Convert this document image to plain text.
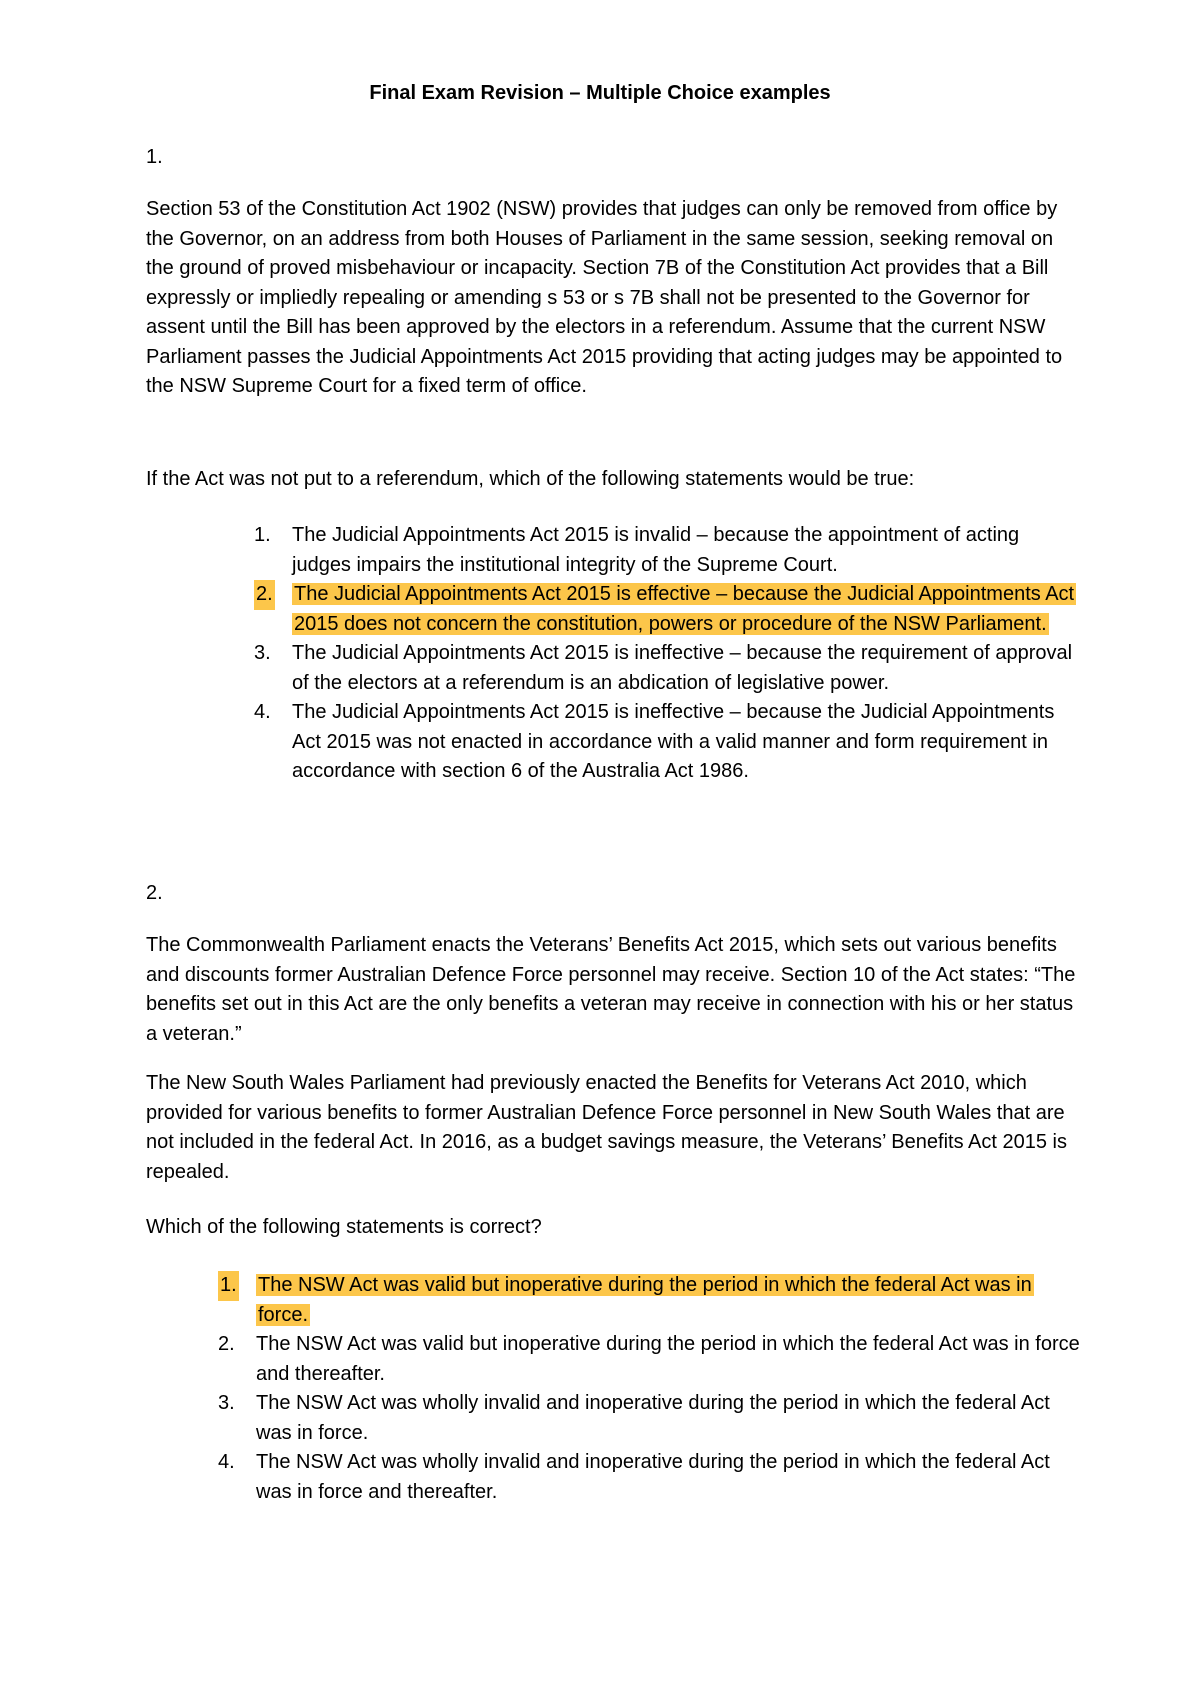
Final Exam Revision – Multiple Choice examples
1.
Section 53 of the Constitution Act 1902 (NSW) provides that judges can only be removed from office by the Governor, on an address from both Houses of Parliament in the same session, seeking removal on the ground of proved misbehaviour or incapacity. Section 7B of the Constitution Act provides that a Bill expressly or impliedly repealing or amending s 53 or s 7B shall not be presented to the Governor for assent until the Bill has been approved by the electors in a referendum. Assume that the current NSW Parliament passes the Judicial Appointments Act 2015 providing that acting judges may be appointed to the NSW Supreme Court for a fixed term of office.
If the Act was not put to a referendum, which of the following statements would be true:
1. The Judicial Appointments Act 2015 is invalid – because the appointment of acting judges impairs the institutional integrity of the Supreme Court.
2. The Judicial Appointments Act 2015 is effective – because the Judicial Appointments Act 2015 does not concern the constitution, powers or procedure of the NSW Parliament.
3. The Judicial Appointments Act 2015 is ineffective – because the requirement of approval of the electors at a referendum is an abdication of legislative power.
4. The Judicial Appointments Act 2015 is ineffective – because the Judicial Appointments Act 2015 was not enacted in accordance with a valid manner and form requirement in accordance with section 6 of the Australia Act 1986.
2.
The Commonwealth Parliament enacts the Veterans’ Benefits Act 2015, which sets out various benefits and discounts former Australian Defence Force personnel may receive. Section 10 of the Act states: “The benefits set out in this Act are the only benefits a veteran may receive in connection with his or her status a veteran.”
The New South Wales Parliament had previously enacted the Benefits for Veterans Act 2010, which provided for various benefits to former Australian Defence Force personnel in New South Wales that are not included in the federal Act. In 2016, as a budget savings measure, the Veterans’ Benefits Act 2015 is repealed.
Which of the following statements is correct?
1. The NSW Act was valid but inoperative during the period in which the federal Act was in force.
2. The NSW Act was valid but inoperative during the period in which the federal Act was in force and thereafter.
3. The NSW Act was wholly invalid and inoperative during the period in which the federal Act was in force.
4. The NSW Act was wholly invalid and inoperative during the period in which the federal Act was in force and thereafter.
